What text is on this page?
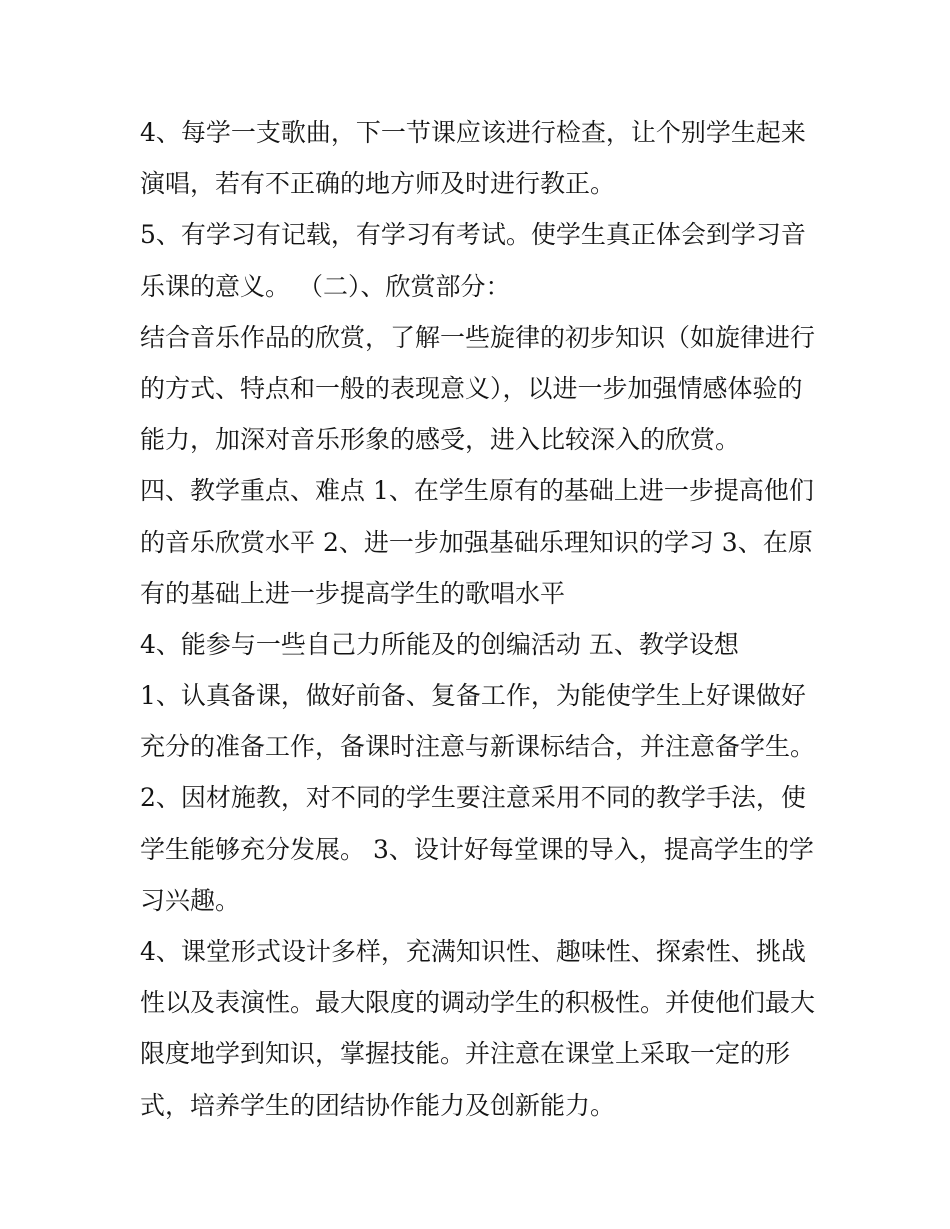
4、每学一支歌曲，下一节课应该进行检查，让个别学生起来
演唱，若有不正确的地方师及时进行教正。
5、有学习有记载，有学习有考试。使学生真正体会到学习音
乐课的意义。 （二）、欣赏部分：
结合音乐作品的欣赏，了解一些旋律的初步知识（如旋律进行
的方式、特点和一般的表现意义），以进一步加强情感体验的
能力，加深对音乐形象的感受，进入比较深入的欣赏。
四、教学重点、难点 1、在学生原有的基础上进一步提高他们
的音乐欣赏水平 2、进一步加强基础乐理知识的学习 3、在原
有的基础上进一步提高学生的歌唱水平
4、能参与一些自己力所能及的创编活动 五、教学设想
1、认真备课，做好前备、复备工作，为能使学生上好课做好
充分的准备工作，备课时注意与新课标结合，并注意备学生。
2、因材施教，对不同的学生要注意采用不同的教学手法，使
学生能够充分发展。 3、设计好每堂课的导入，提高学生的学
习兴趣。
4、课堂形式设计多样，充满知识性、趣味性、探索性、挑战
性以及表演性。最大限度的调动学生的积极性。并使他们最大
限度地学到知识，掌握技能。并注意在课堂上采取一定的形
式，培养学生的团结协作能力及创新能力。
